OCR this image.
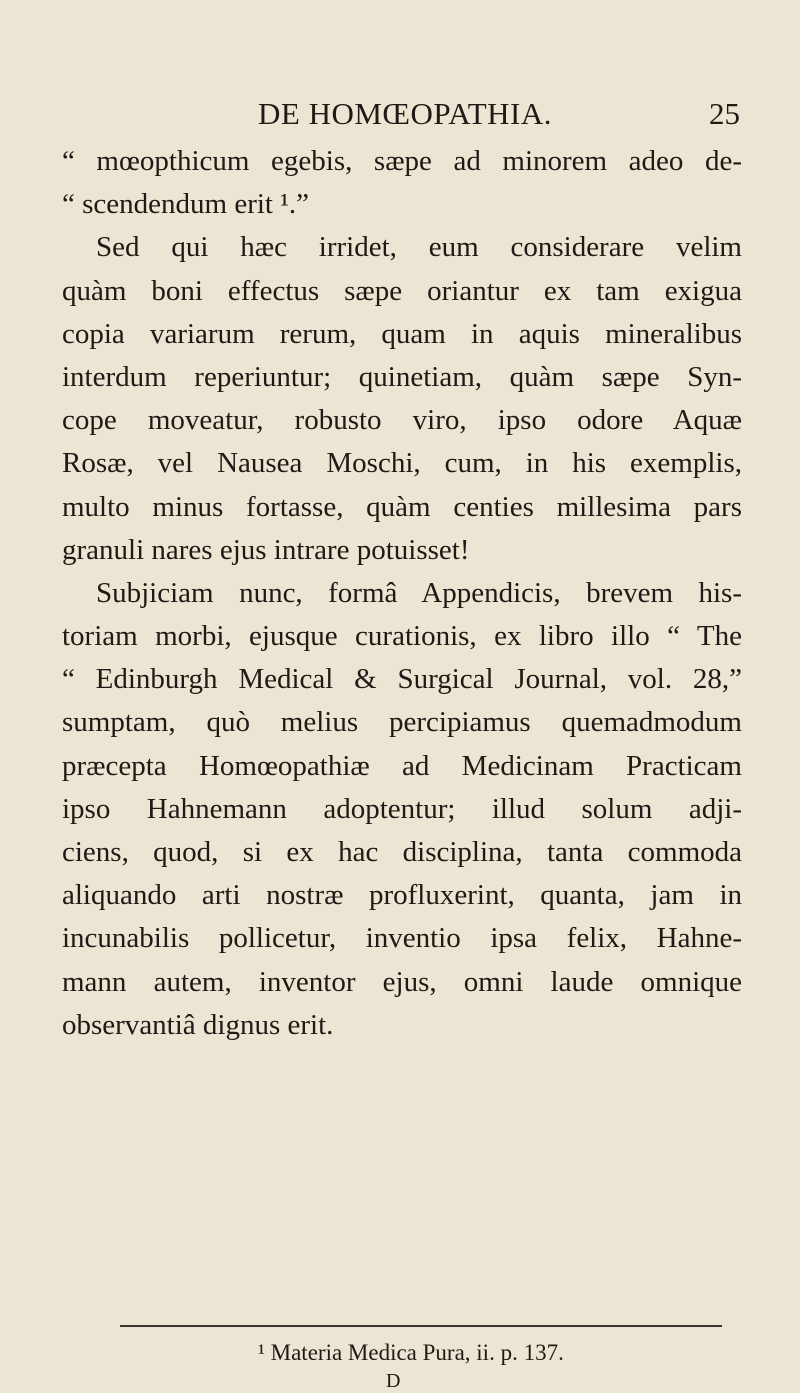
DE HOMŒOPATHIA.	25
“ mœopthicum egebis, sæpe ad minorem adeo de-
“ scendendum erit ¹.”
Sed qui hæc irridet, eum considerare velim
quàm boni effectus sæpe oriantur ex tam exigua
copia variarum rerum, quam in aquis mineralibus
interdum reperiuntur; quinetiam, quàm sæpe Syn-
cope moveatur, robusto viro, ipso odore Aquæ
Rosæ, vel Nausea Moschi, cum, in his exemplis,
multo minus fortasse, quàm centies millesima pars
granuli nares ejus intrare potuisset!
Subjiciam nunc, formâ Appendicis, brevem his-
toriam morbi, ejusque curationis, ex libro illo “ The
“ Edinburgh Medical & Surgical Journal, vol. 28,”
sumptam, quò melius percipiamus quemadmodum
præcepta Homœopathiæ ad Medicinam Practicam
ipso Hahnemann adoptentur; illud solum adji-
ciens, quod, si ex hac disciplina, tanta commoda
aliquando arti nostræ profluxerint, quanta, jam in
incunabilis pollicetur, inventio ipsa felix, Hahne-
mann autem, inventor ejus, omni laude omnique
observantiâ dignus erit.
¹ Materia Medica Pura, ii. p. 137.
D
